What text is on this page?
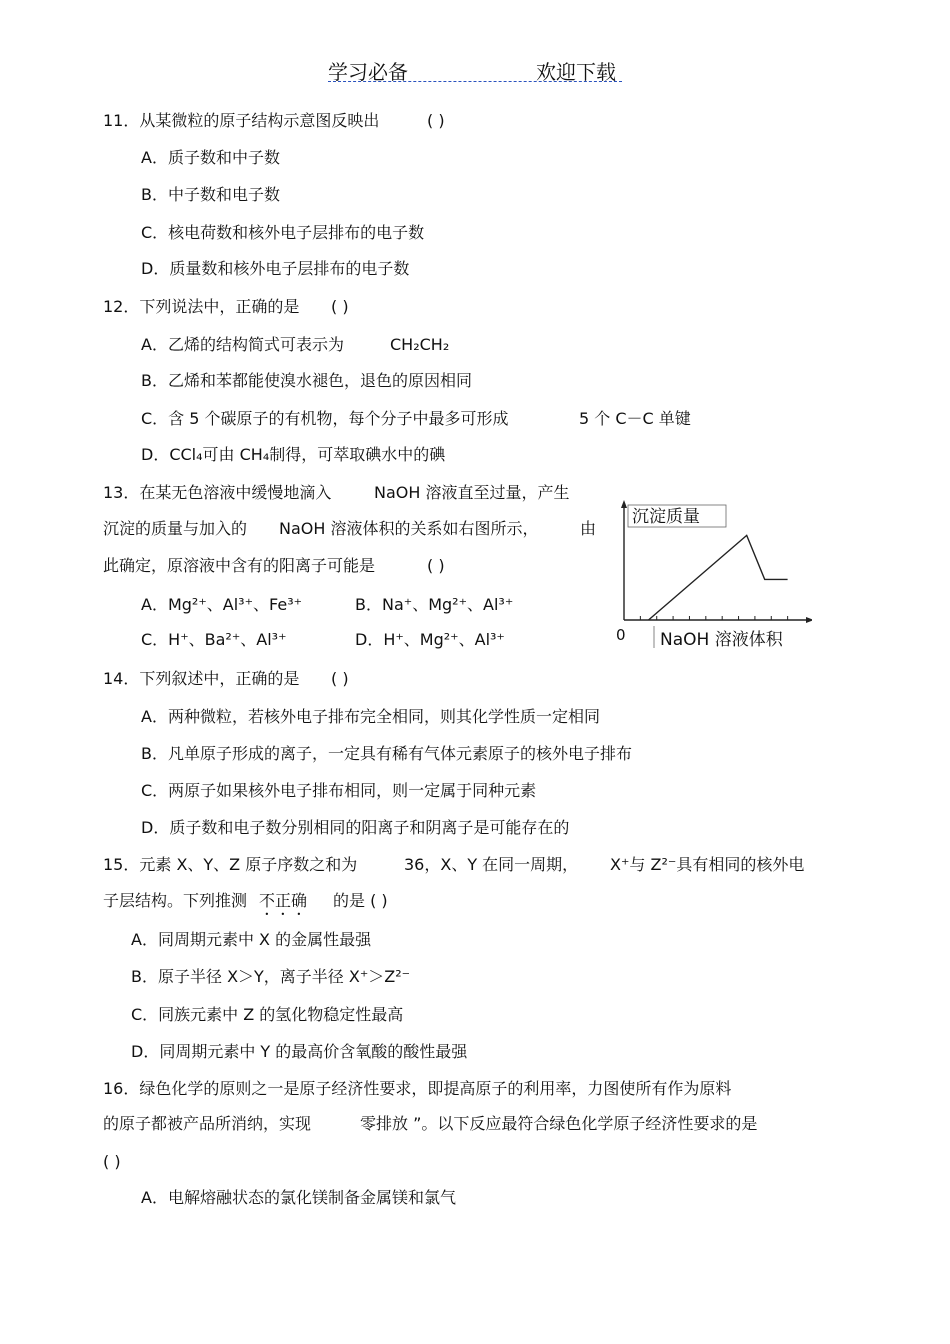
学习必备	欢迎下载
11．从某微粒的原子结构示意图反映出	( )
A．质子数和中子数
B．中子数和电子数
C．核电荷数和核外电子层排布的电子数
D．质量数和核外电子层排布的电子数
12．下列说法中，正确的是 ( )
A．乙烯的结构简式可表示为	CH₂CH₂
B．乙烯和苯都能使溴水褪色，退色的原因相同
C．含 5 个碳原子的有机物，每个分子中最多可形成	5 个 C－C 单键
D．CCl₄可由 CH₄制得，可萃取碘水中的碘
13．在某无色溶液中缓慢地滴入	NaOH 溶液直至过量，产生
沉淀的质量与加入的 NaOH 溶液体积的关系如右图所示，	由
此确定，原溶液中含有的阳离子可能是	( )
A．Mg²⁺、Al³⁺、Fe³⁺	B．Na⁺、Mg²⁺、Al³⁺
C．H⁺、Ba²⁺、Al³⁺	D．H⁺、Mg²⁺、Al³⁺
沉淀质量
NaOH 溶液体积
0
14．下列叙述中，正确的是 ( )
A．两种微粒，若核外电子排布完全相同，则其化学性质一定相同
B．凡单原子形成的离子，一定具有稀有气体元素原子的核外电子排布
C．两原子如果核外电子排布相同，则一定属于同种元素
D．质子数和电子数分别相同的阳离子和阴离子是可能存在的
15．元素 X、Y、Z 原子序数之和为	36，X、Y 在同一周期， X⁺与 Z²⁻具有相同的核外电
子层结构。下列推测 不正确 的是 ( )
A．同周期元素中 X 的金属性最强
B．原子半径 X＞Y，离子半径 X⁺＞Z²⁻
C．同族元素中 Z 的氢化物稳定性最高
D．同周期元素中 Y 的最高价含氧酸的酸性最强
16．绿色化学的原则之一是原子经济性要求，即提高原子的利用率，力图使所有作为原料
的原子都被产品所消纳，实现	零排放 ”。以下反应最符合绿色化学原子经济性要求的是
( )
A．电解熔融状态的氯化镁制备金属镁和氯气
